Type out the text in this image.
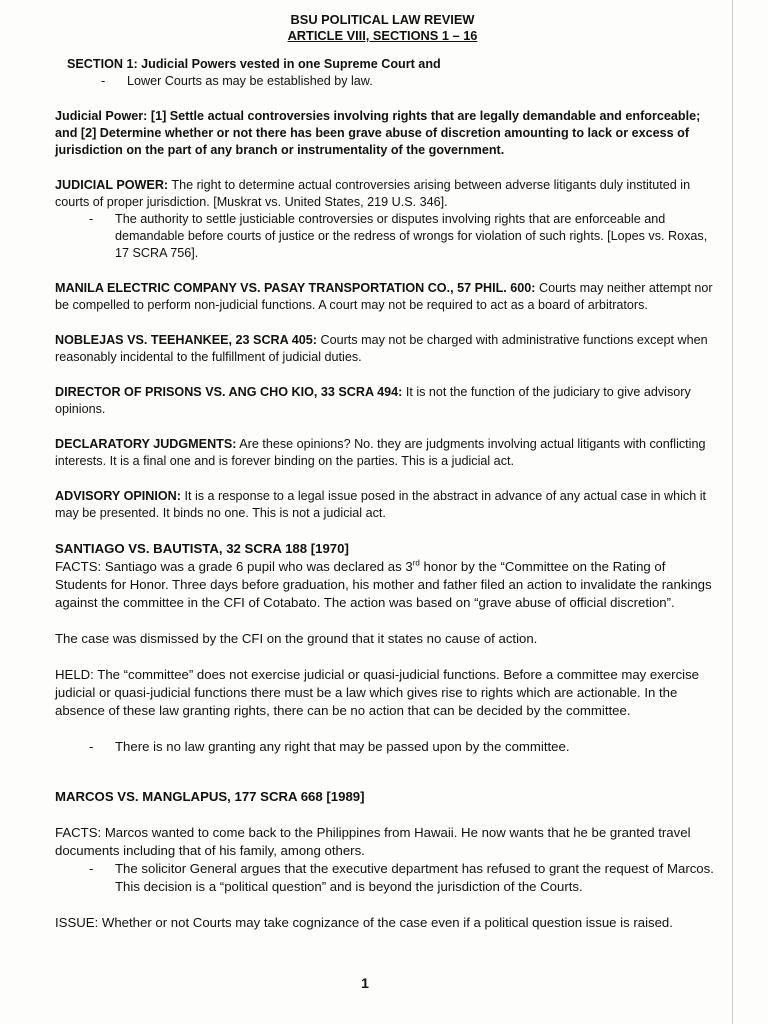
BSU POLITICAL LAW REVIEW
ARTICLE VIII, SECTIONS 1 – 16

SECTION 1: Judicial Powers vested in one Supreme Court and

- Lower Courts as may be established by law.

Judicial Power: [1] Settle actual controversies involving rights that are legally demandable and enforceable; and [2] Determine whether or not there has been grave abuse of discretion amounting to lack or excess of jurisdiction on the part of any branch or instrumentality of the government.

JUDICIAL POWER: The right to determine actual controversies arising between adverse litigants duly instituted in courts of proper jurisdiction. [Muskrat vs. United States, 219 U.S. 346].

- The authority to settle justiciable controversies or disputes involving rights that are enforceable and demandable before courts of justice or the redress of wrongs for violation of such rights. [Lopes vs. Roxas, 17 SCRA 756].

MANILA ELECTRIC COMPANY VS. PASAY TRANSPORTATION CO., 57 PHIL. 600: Courts may neither attempt nor be compelled to perform non-judicial functions. A court may not be required to act as a board of arbitrators.

NOBLEJAS VS. TEEHANKEE, 23 SCRA 405: Courts may not be charged with administrative functions except when reasonably incidental to the fulfillment of judicial duties.

DIRECTOR OF PRISONS VS. ANG CHO KIO, 33 SCRA 494: It is not the function of the judiciary to give advisory opinions.

DECLARATORY JUDGMENTS: Are these opinions? No. they are judgments involving actual litigants with conflicting interests. It is a final one and is forever binding on the parties. This is a judicial act.

ADVISORY OPINION: It is a response to a legal issue posed in the abstract in advance of any actual case in which it may be presented. It binds no one. This is not a judicial act.

SANTIAGO VS. BAUTISTA, 32 SCRA 188 [1970]

FACTS: Santiago was a grade 6 pupil who was declared as 3rd honor by the “Committee on the Rating of Students for Honor. Three days before graduation, his mother and father filed an action to invalidate the rankings against the committee in the CFI of Cotabato. The action was based on “grave abuse of official discretion”.

The case was dismissed by the CFI on the ground that it states no cause of action.

HELD: The “committee” does not exercise judicial or quasi-judicial functions. Before a committee may exercise judicial or quasi-judicial functions there must be a law which gives rise to rights which are actionable. In the absence of these law granting rights, there can be no action that can be decided by the committee.

- There is no law granting any right that may be passed upon by the committee.

MARCOS VS. MANGLAPUS, 177 SCRA 668 [1989]

FACTS: Marcos wanted to come back to the Philippines from Hawaii. He now wants that he be granted travel documents including that of his family, among others.

- The solicitor General argues that the executive department has refused to grant the request of Marcos. This decision is a “political question” and is beyond the jurisdiction of the Courts.

ISSUE: Whether or not Courts may take cognizance of the case even if a political question issue is raised.

1
